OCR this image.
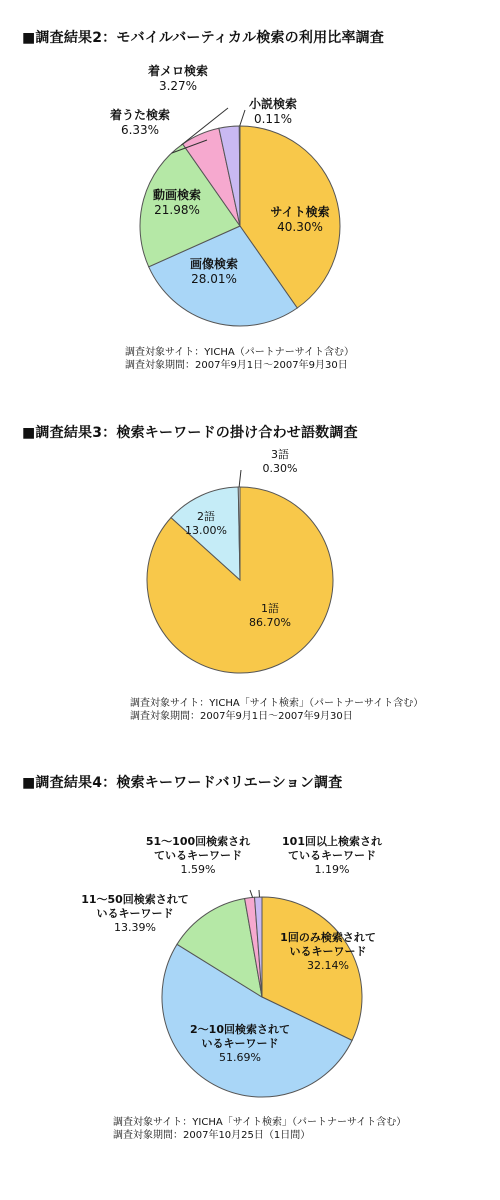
■調査結果2：モバイルバーティカル検索の利用比率調査
サイト検索
40.30%
画像検索
28.01%
動画検索
21.98%
着うた検索
6.33%
着メロ検索
3.27%
小説検索
0.11%
調査対象サイト：YICHA（パートナーサイト含む）
調査対象期間：2007年9月1日～2007年9月30日
■調査結果3：検索キーワードの掛け合わせ語数調査
1語
86.70%
2語
13.00%
3語
0.30%
調査対象サイト：YICHA「サイト検索」（パートナーサイト含む）
調査対象期間：2007年9月1日～2007年9月30日
■調査結果4：検索キーワードバリエーション調査
1回のみ検索されて
いるキーワード
32.14%
2～10回検索されて
いるキーワード
51.69%
11～50回検索されて
いるキーワード
13.39%
51～100回検索され
ているキーワード
1.59%
101回以上検索され
ているキーワード
1.19%
調査対象サイト：YICHA「サイト検索」（パートナーサイト含む）
調査対象期間：2007年10月25日（1日間）
